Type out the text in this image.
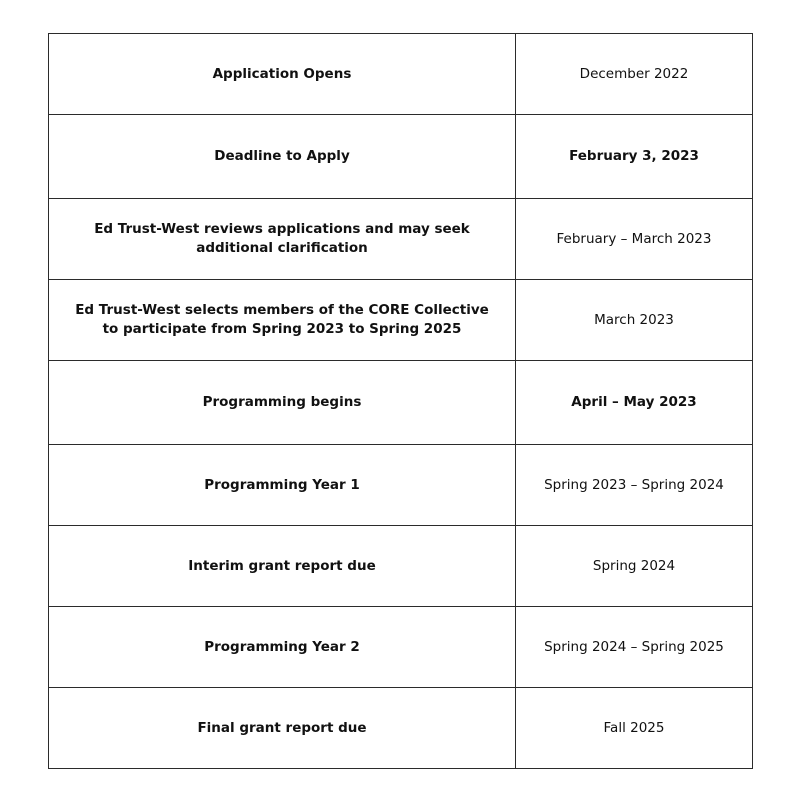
Application Opens	December 2022
Deadline to Apply	February 3, 2023
Ed Trust-West reviews applications and may seek additional clarification	February – March 2023
Ed Trust-West selects members of the CORE Collective to participate from Spring 2023 to Spring 2025	March 2023
Programming begins	April – May 2023
Programming Year 1	Spring 2023 – Spring 2024
Interim grant report due	Spring 2024
Programming Year 2	Spring 2024 – Spring 2025
Final grant report due	Fall 2025
